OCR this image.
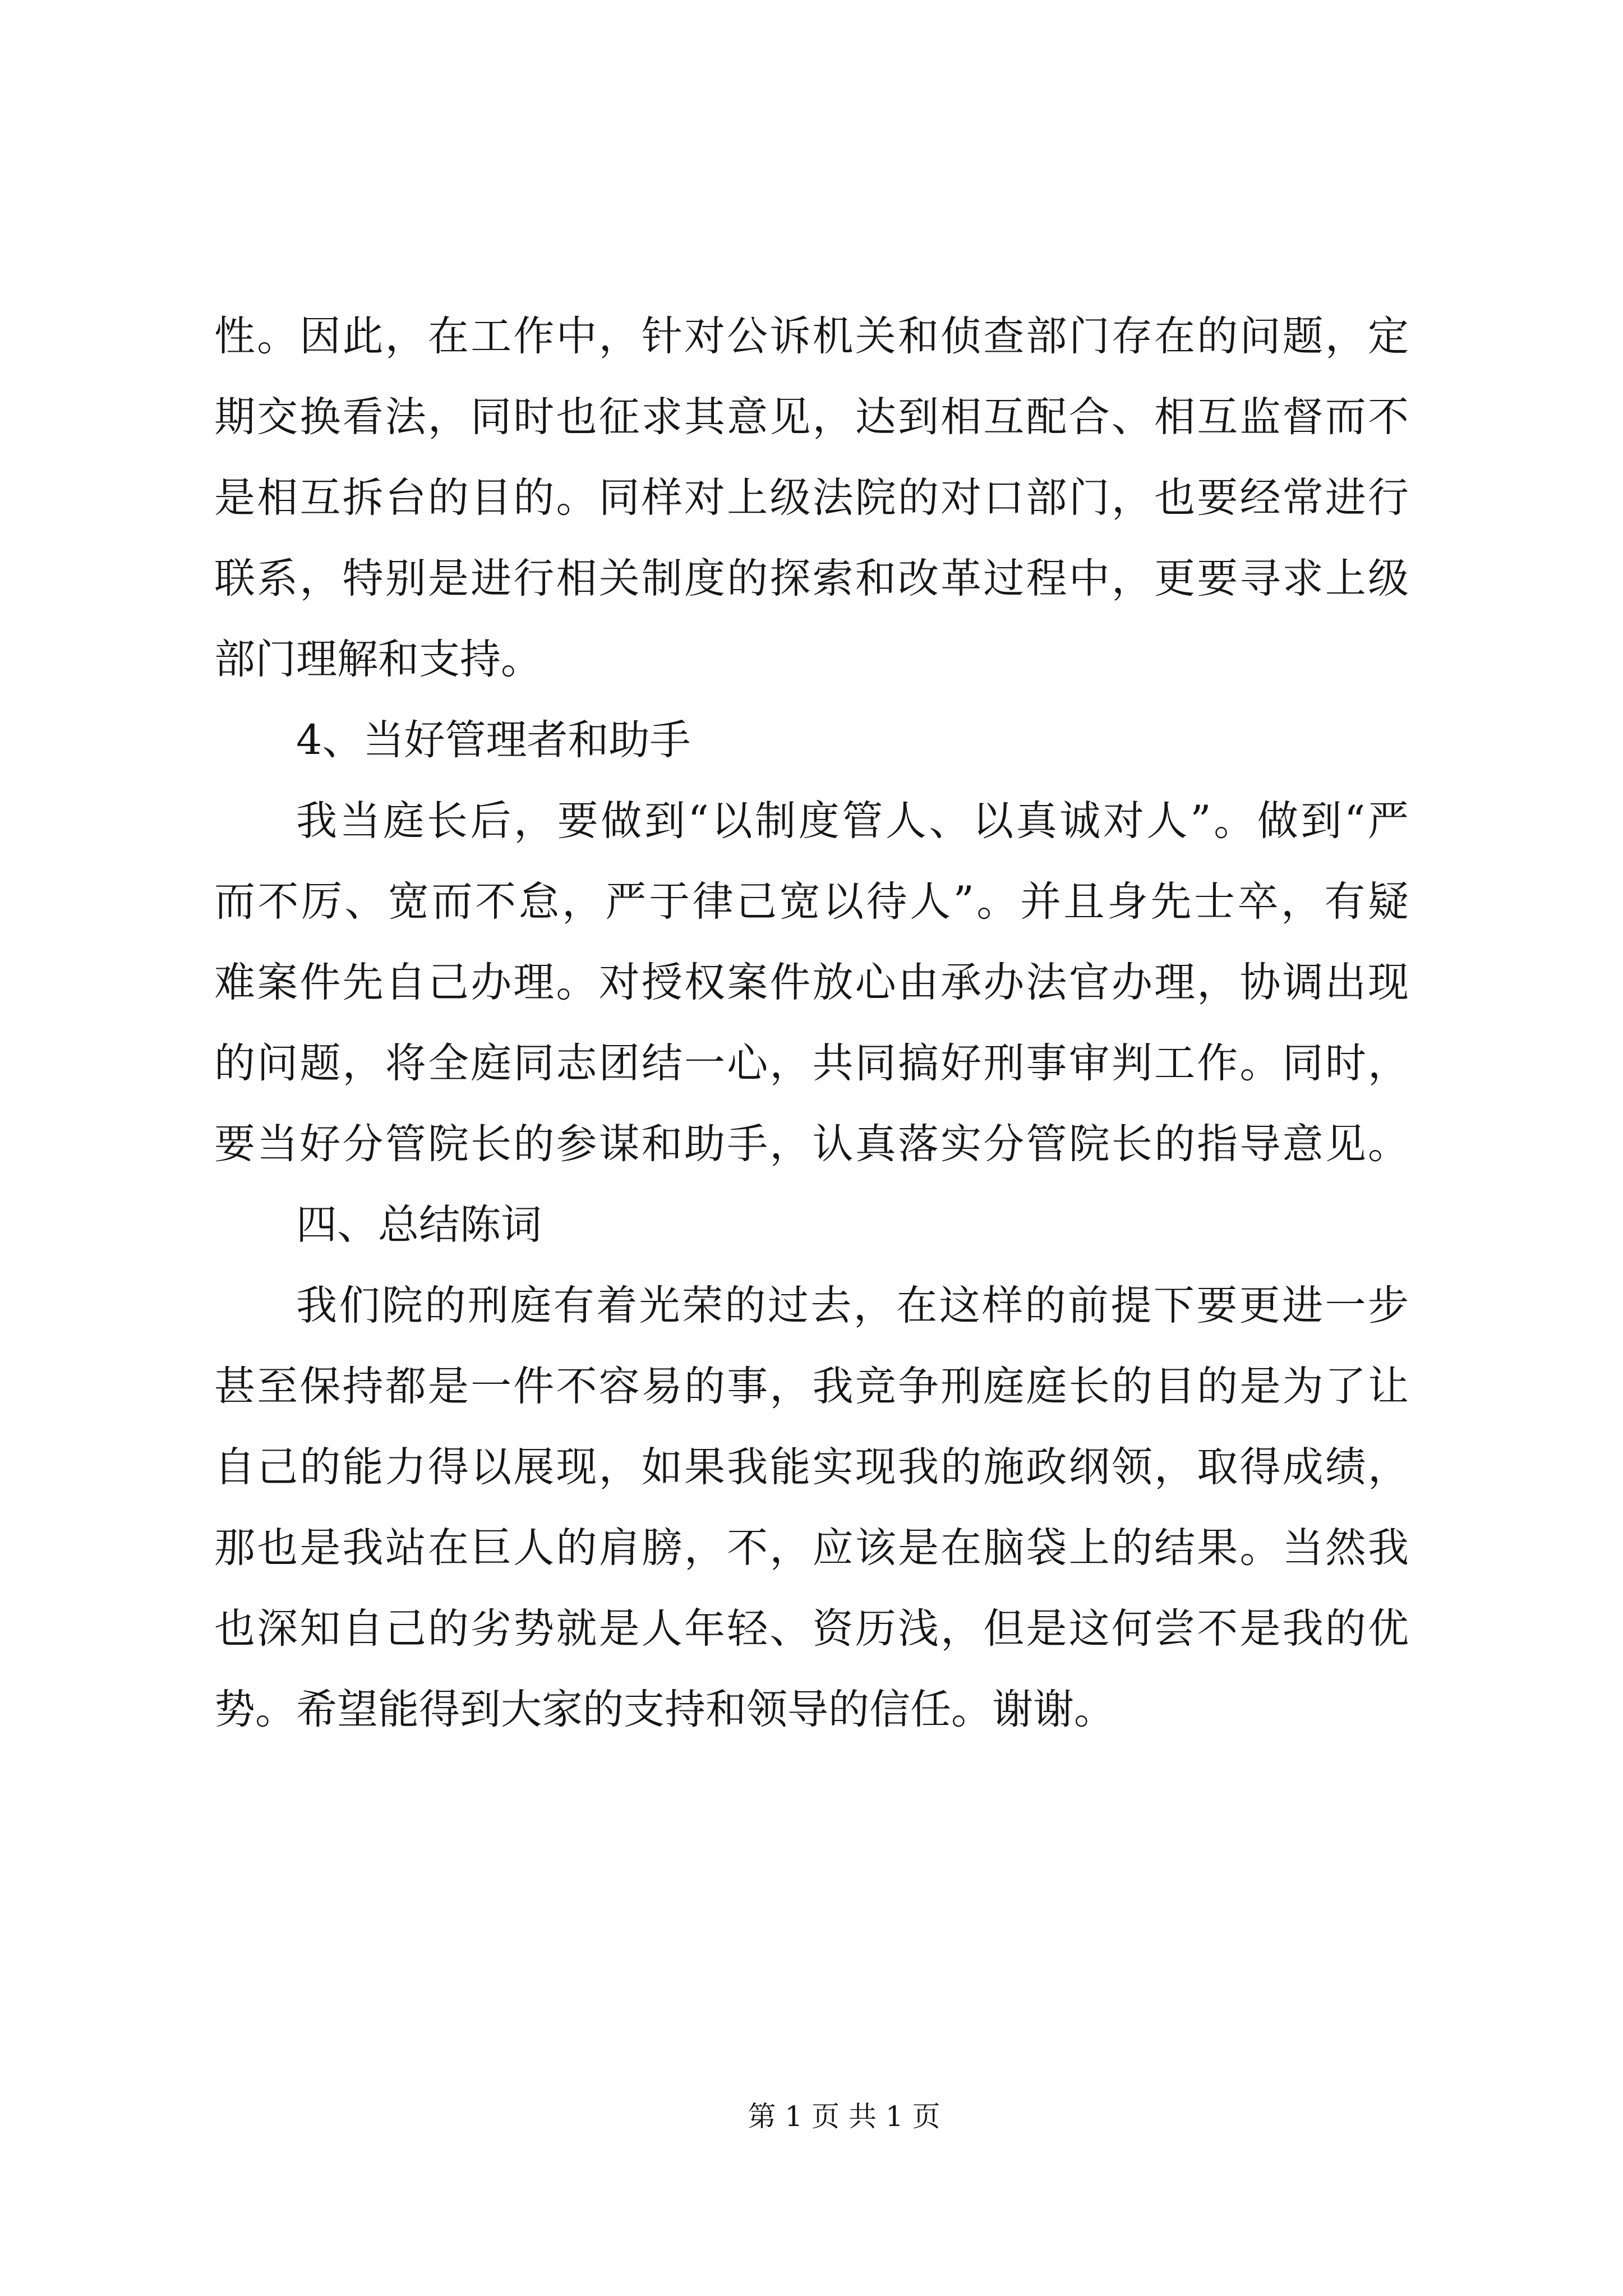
性。因此，在工作中，针对公诉机关和侦查部门存在的问题，定
期交换看法，同时也征求其意见，达到相互配合、相互监督而不
是相互拆台的目的。同样对上级法院的对口部门，也要经常进行
联系，特别是进行相关制度的探索和改革过程中，更要寻求上级
部门理解和支持。
4、当好管理者和助手
我当庭长后，要做到“以制度管人、以真诚对人”。做到“严
而不厉、宽而不怠，严于律己宽以待人”。并且身先士卒，有疑
难案件先自己办理。对授权案件放心由承办法官办理，协调出现
的问题，将全庭同志团结一心，共同搞好刑事审判工作。同时，
要当好分管院长的参谋和助手，认真落实分管院长的指导意见。
四、总结陈词
我们院的刑庭有着光荣的过去，在这样的前提下要更进一步
甚至保持都是一件不容易的事，我竞争刑庭庭长的目的是为了让
自己的能力得以展现，如果我能实现我的施政纲领，取得成绩，
那也是我站在巨人的肩膀，不，应该是在脑袋上的结果。当然我
也深知自己的劣势就是人年轻、资历浅，但是这何尝不是我的优
势。希望能得到大家的支持和领导的信任。谢谢。
第 1 页 共 1 页
